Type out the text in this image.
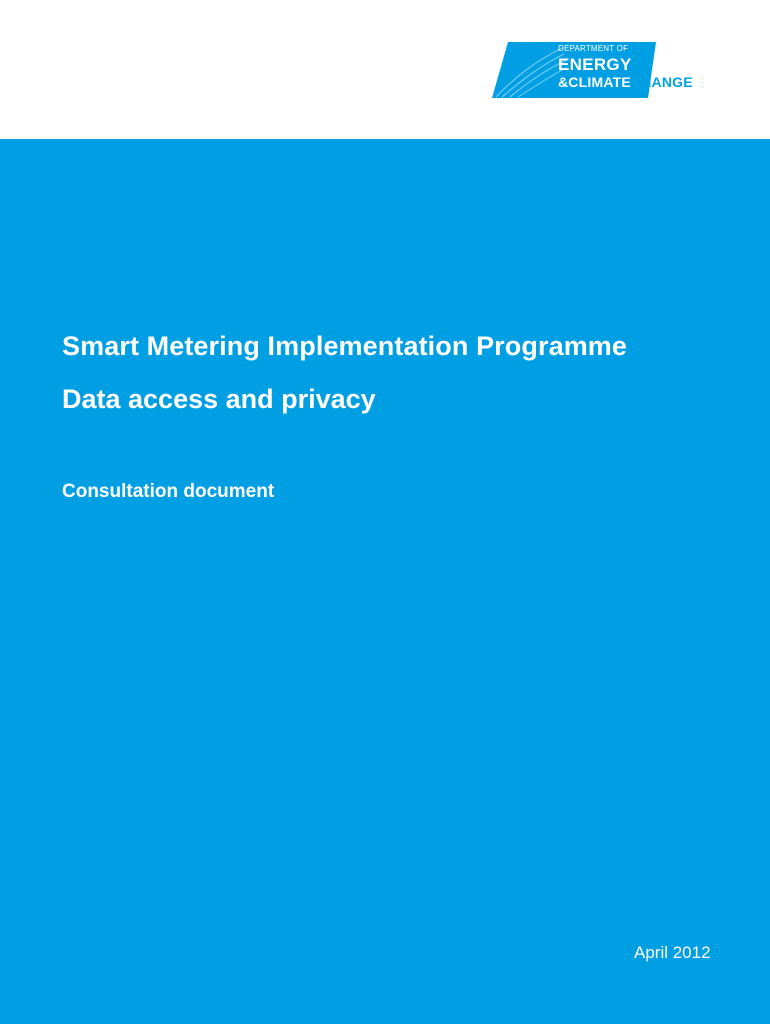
DEPARTMENT OF
ENERGY
&CLIMATECHANGE
Smart Metering Implementation Programme
Data access and privacy

Consultation document

April 2012
